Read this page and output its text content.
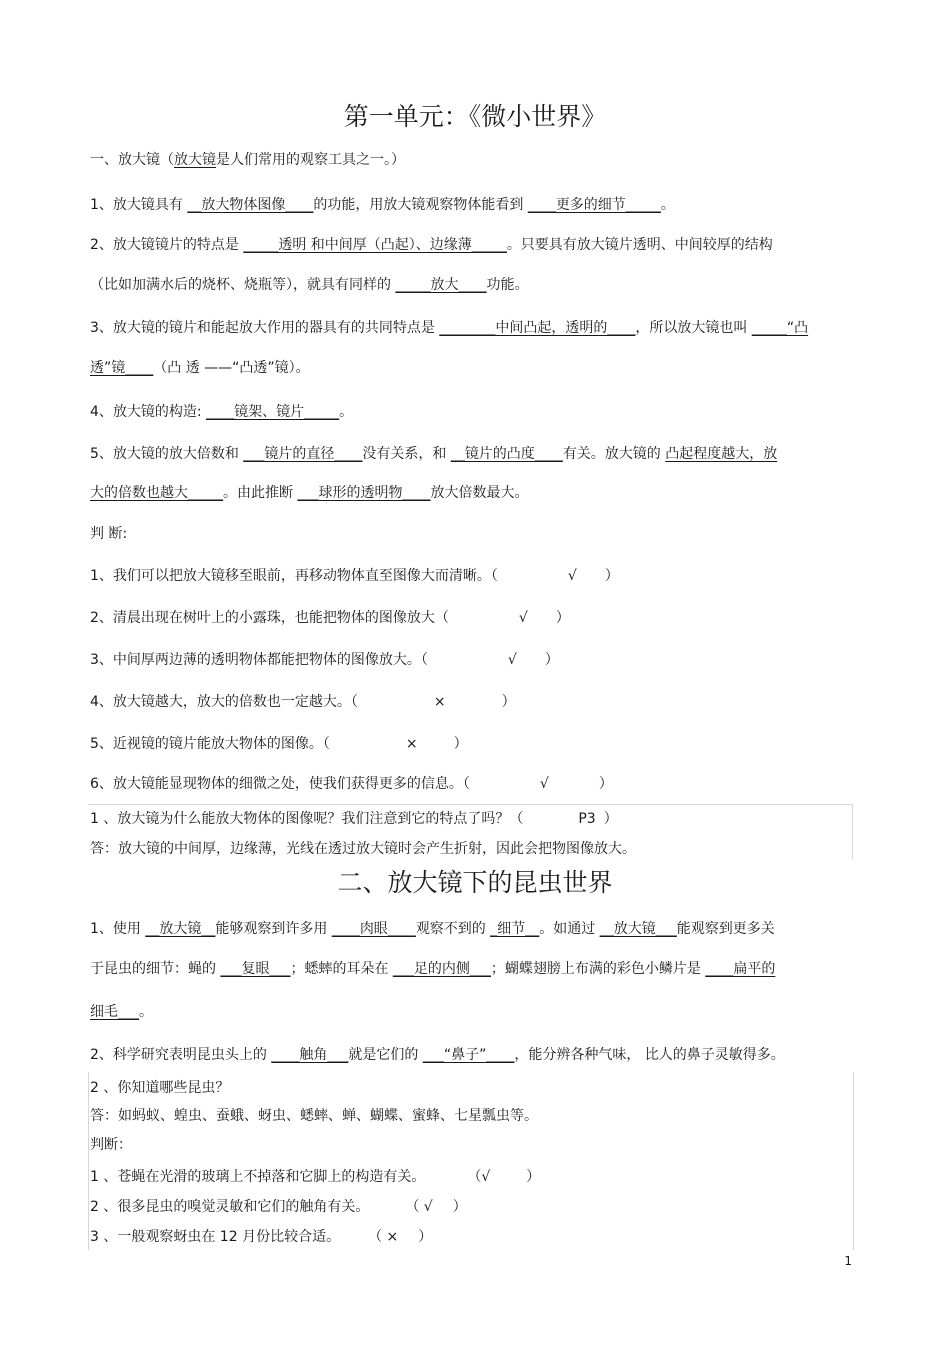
第一单元：《微小世界》
一、放大镜（放大镜是人们常用的观察工具之一。）
1、放大镜具有 __放大物体图像____的功能，用放大镜观察物体能看到 ____更多的细节_____。
2、放大镜镜片的特点是 _____透明 和中间厚（凸起）、边缘薄_____。只要具有放大镜片透明、中间较厚的结构
（比如加满水后的烧杯、烧瓶等），就具有同样的 _____放大____功能。
3、放大镜的镜片和能起放大作用的器具有的共同特点是 ________中间凸起，透明的____，所以放大镜也叫 _____“凸
透”镜____（凸 透 ——“凸透”镜）。
4、放大镜的构造: ____镜架、镜片_____。
5、放大镜的放大倍数和 ___镜片的直径____没有关系，和 __镜片的凸度____有关。放大镜的 凸起程度越大，放
大的倍数也越大_____。由此推断 ___球形的透明物____放大倍数最大。
判 断:
1、我们可以把放大镜移至眼前，再移动物体直至图像大而清晰。（	√ ）
2、清晨出现在树叶上的小露珠，也能把物体的图像放大（	√ ）
3、中间厚两边薄的透明物体都能把物体的图像放大。（	√ ）
4、放大镜越大，放大的倍数也一定越大。（	×	）
5、近视镜的镜片能放大物体的图像。（	×	）
6、放大镜能显现物体的细微之处，使我们获得更多的信息。（	√	）
1 、放大镜为什么能放大物体的图像呢？我们注意到它的特点了吗？（	P3 ）
答：放大镜的中间厚，边缘薄，光线在透过放大镜时会产生折射，因此会把物图像放大。
二、放大镜下的昆虫世界
1、使用 __放大镜__能够观察到许多用 ____肉眼____观察不到的 _细节__。如通过 __放大镜___能观察到更多关
于昆虫的细节：蝇的 ___复眼___；蟋蟀的耳朵在 ___足的内侧___；蝴蝶翅膀上布满的彩色小鳞片是 ____扁平的
细毛___。
2、科学研究表明昆虫头上的 ____触角___就是它们的 ___“鼻子”____，能分辨各种气味， 比人的鼻子灵敏得多。
2 、你知道哪些昆虫？
答：如蚂蚁、蝗虫、蚕蛾、蚜虫、蟋蟀、蝉、蝴蝶、蜜蜂、七星瓢虫等。
判断：
1 、苍蝇在光滑的玻璃上不掉落和它脚上的构造有关。	（√	）
2 、很多昆虫的嗅觉灵敏和它们的触角有关。	（ √ ）
3 、一般观察蚜虫在 12 月份比较合适。 （ × ）
1
